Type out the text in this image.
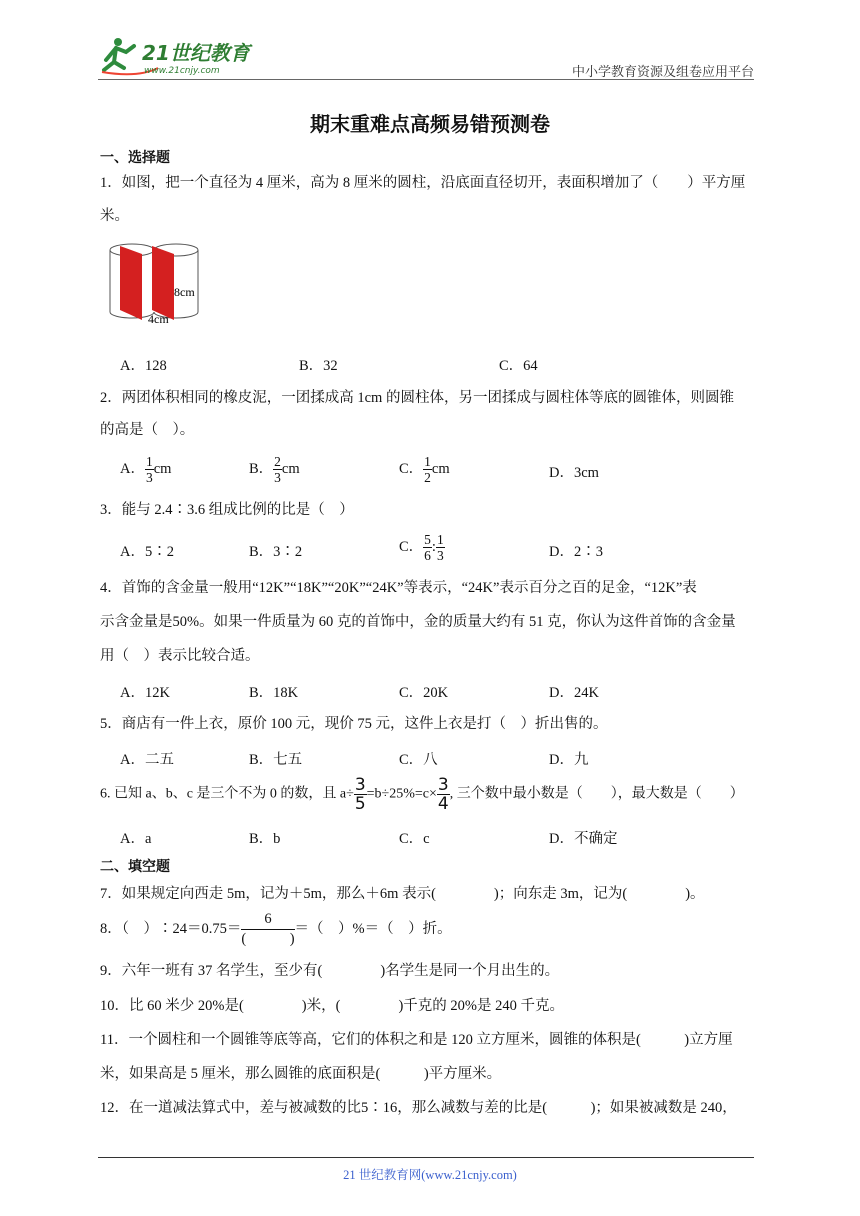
21世纪教育
www.21cnjy.com	中小学教育资源及组卷应用平台
期末重难点高频易错预测卷
一、选择题
1．如图，把一个直径为 4 厘米，高为 8 厘米的圆柱，沿底面直径切开，表面积增加了（　　）平方厘
米。
8cm
4cm
A．128	B．32	C．64
2．两团体积相同的橡皮泥，一团揉成高 1cm 的圆柱体，另一团揉成与圆柱体等底的圆锥体，则圆锥
的高是（　）。
A． $\frac{1}{3}$ cm	B． $\frac{2}{3}$ cm	C． $\frac{1}{2}$ cm	D．3cm
3．能与 2.4∶3.6 组成比例的比是（　）
A．5∶2	B．3∶2	C． $\frac{5}{6}$ : $\frac{1}{3}$	D．2∶3
4．首饰的含金量一般用“12K”“18K”“20K”“24K”等表示，“24K”表示百分之百的足金，“12K”表
示含金量是50%。如果一件质量为 60 克的首饰中，金的质量大约有 51 克，你认为这件首饰的含金量
用（　）表示比较合适。
A．12K	B．18K	C．20K	D．24K
5．商店有一件上衣，原价 100 元，现价 75 元，这件上衣是打（　）折出售的。
A．二五	B．七五	C．八	D．九
6. 已知 a、b、c 是三个不为 0 的数，且 $a\div \frac{3}{5} =b\div 25\%=c\times \frac{3}{4}$ , 三个数中最小数是（　　），最大数是（　　）
A．a	B．b	C．c	D．不确定
二、填空题
7．如果规定向西走 5m，记为＋5m，那么＋6m 表示(　　　　)；向东走 3m，记为(　　　　)。
8．（　）∶24＝0.75＝ $\frac{6}{( )}$ ＝（　）%＝（　）折。
9．六年一班有 37 名学生，至少有(　　　　)名学生是同一个月出生的。
10．比 60 米少 20%是(　　　　)米，(　　　　)千克的 20%是 240 千克。
11．一个圆柱和一个圆锥等底等高，它们的体积之和是 120 立方厘米，圆锥的体积是(　　　)立方厘
米，如果高是 5 厘米，那么圆锥的底面积是(　　　)平方厘米。
12．在一道减法算式中，差与被减数的比5∶16，那么减数与差的比是(　　　)；如果被减数是 240，
21 世纪教育网(www.21cnjy.com)
